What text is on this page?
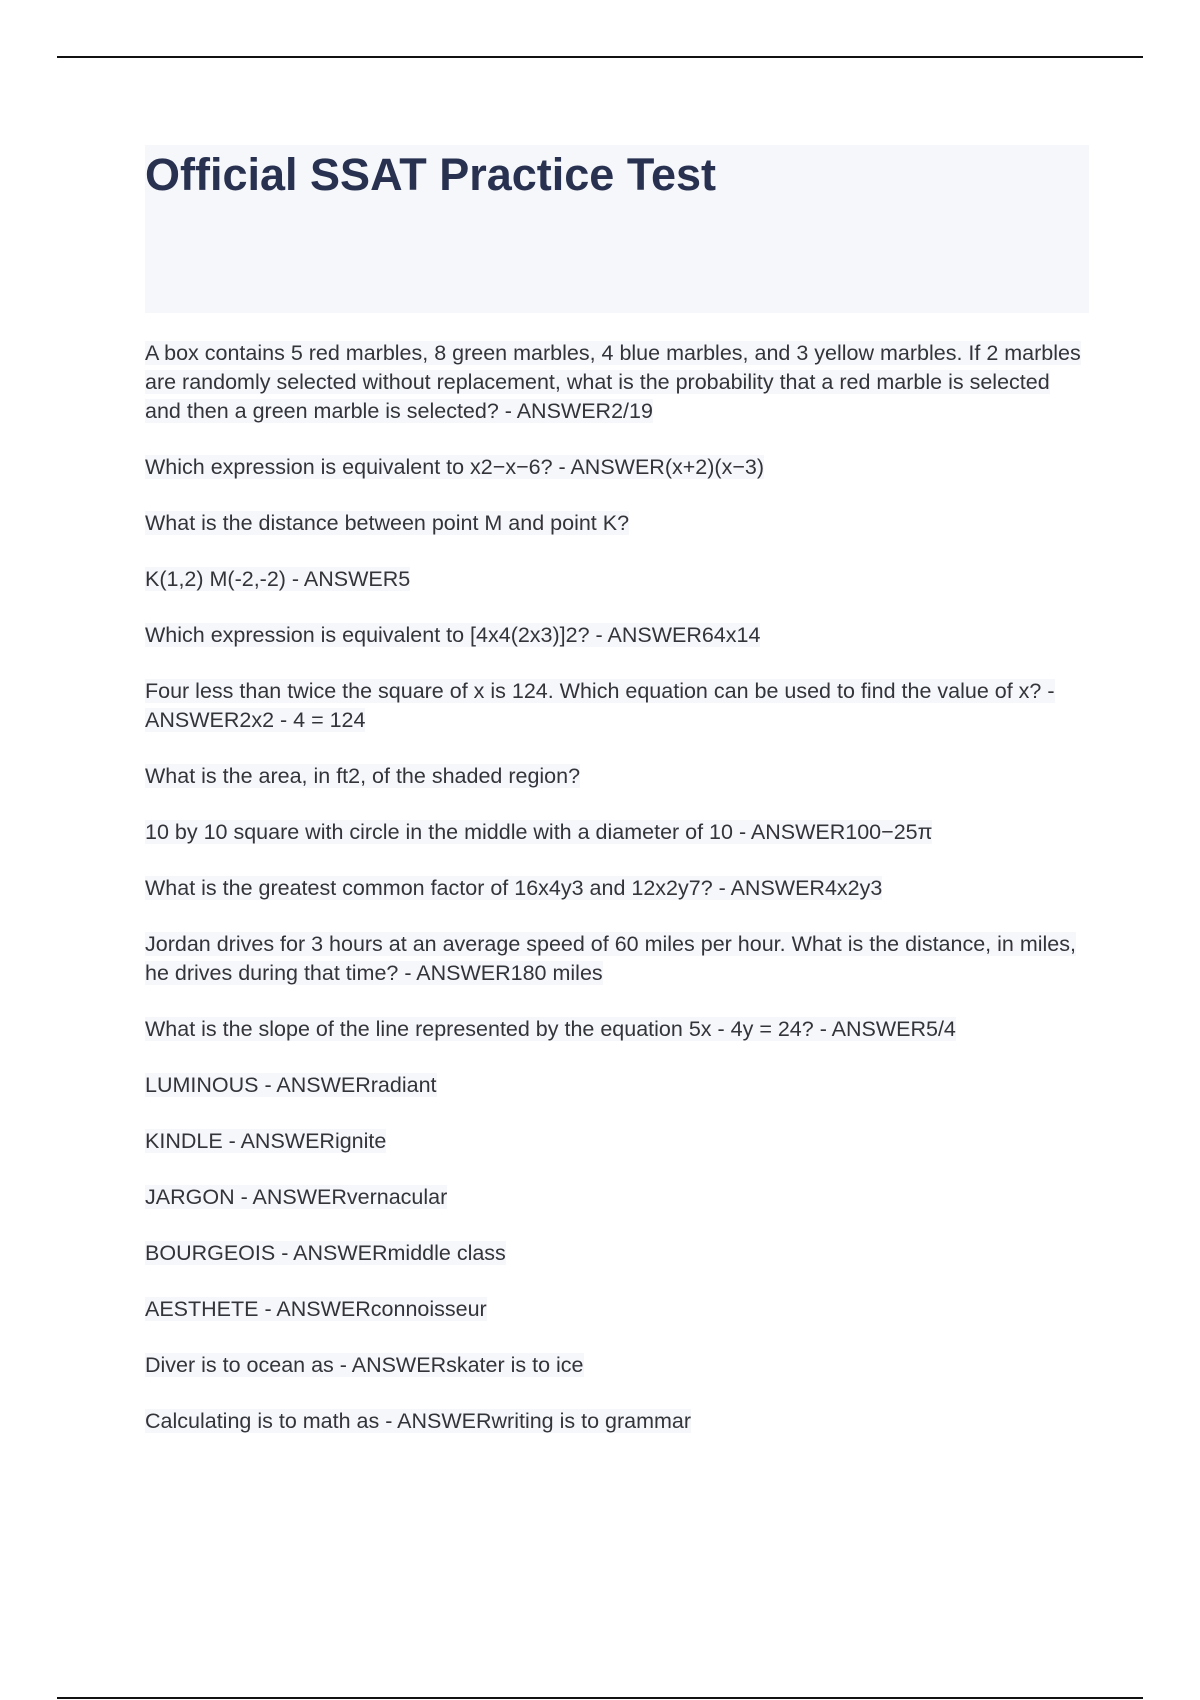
Official SSAT Practice Test

A box contains 5 red marbles, 8 green marbles, 4 blue marbles, and 3 yellow marbles. If 2 marbles are randomly selected without replacement, what is the probability that a red marble is selected and then a green marble is selected? - ANSWER2/19

Which expression is equivalent to x2−x−6? - ANSWER(x+2)(x−3)

What is the distance between point M and point K?

K(1,2) M(-2,-2) - ANSWER5

Which expression is equivalent to [4x4(2x3)]2? - ANSWER64x14

Four less than twice the square of x is 124. Which equation can be used to find the value of x? - ANSWER2x2 - 4 = 124

What is the area, in ft2, of the shaded region?

10 by 10 square with circle in the middle with a diameter of 10 - ANSWER100−25π

What is the greatest common factor of 16x4y3 and 12x2y7? - ANSWER4x2y3

Jordan drives for 3 hours at an average speed of 60 miles per hour. What is the distance, in miles, he drives during that time? - ANSWER180 miles

What is the slope of the line represented by the equation 5x - 4y = 24? - ANSWER5/4

LUMINOUS - ANSWERradiant

KINDLE - ANSWERignite

JARGON - ANSWERvernacular

BOURGEOIS - ANSWERmiddle class

AESTHETE - ANSWERconnoisseur

Diver is to ocean as - ANSWERskater is to ice

Calculating is to math as - ANSWERwriting is to grammar
